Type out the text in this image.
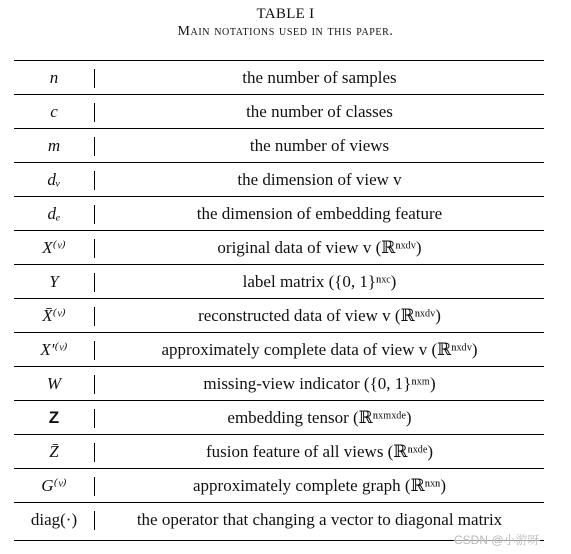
TABLE I
Main notations used in this paper.
n	the number of samples
c	the number of classes
m	the number of views
dᵥ	the dimension of view v
dₑ	the dimension of embedding feature
X⁽ᵛ⁾	original data of view v (ℝⁿˣᵈᵛ)
Y	label matrix ({0, 1}ⁿˣᶜ)
X̄⁽ᵛ⁾	reconstructed data of view v (ℝⁿˣᵈᵛ)
X′⁽ᵛ⁾	approximately complete data of view v (ℝⁿˣᵈᵛ)
W	missing-view indicator ({0, 1}ⁿˣᵐ)
Z	embedding tensor (ℝⁿˣᵐˣᵈᵉ)
Z̄	fusion feature of all views (ℝⁿˣᵈᵉ)
G⁽ᵛ⁾	approximately complete graph (ℝⁿˣⁿ)
diag(·)	the operator that changing a vector to diagonal matrix
CSDN @小游呀
